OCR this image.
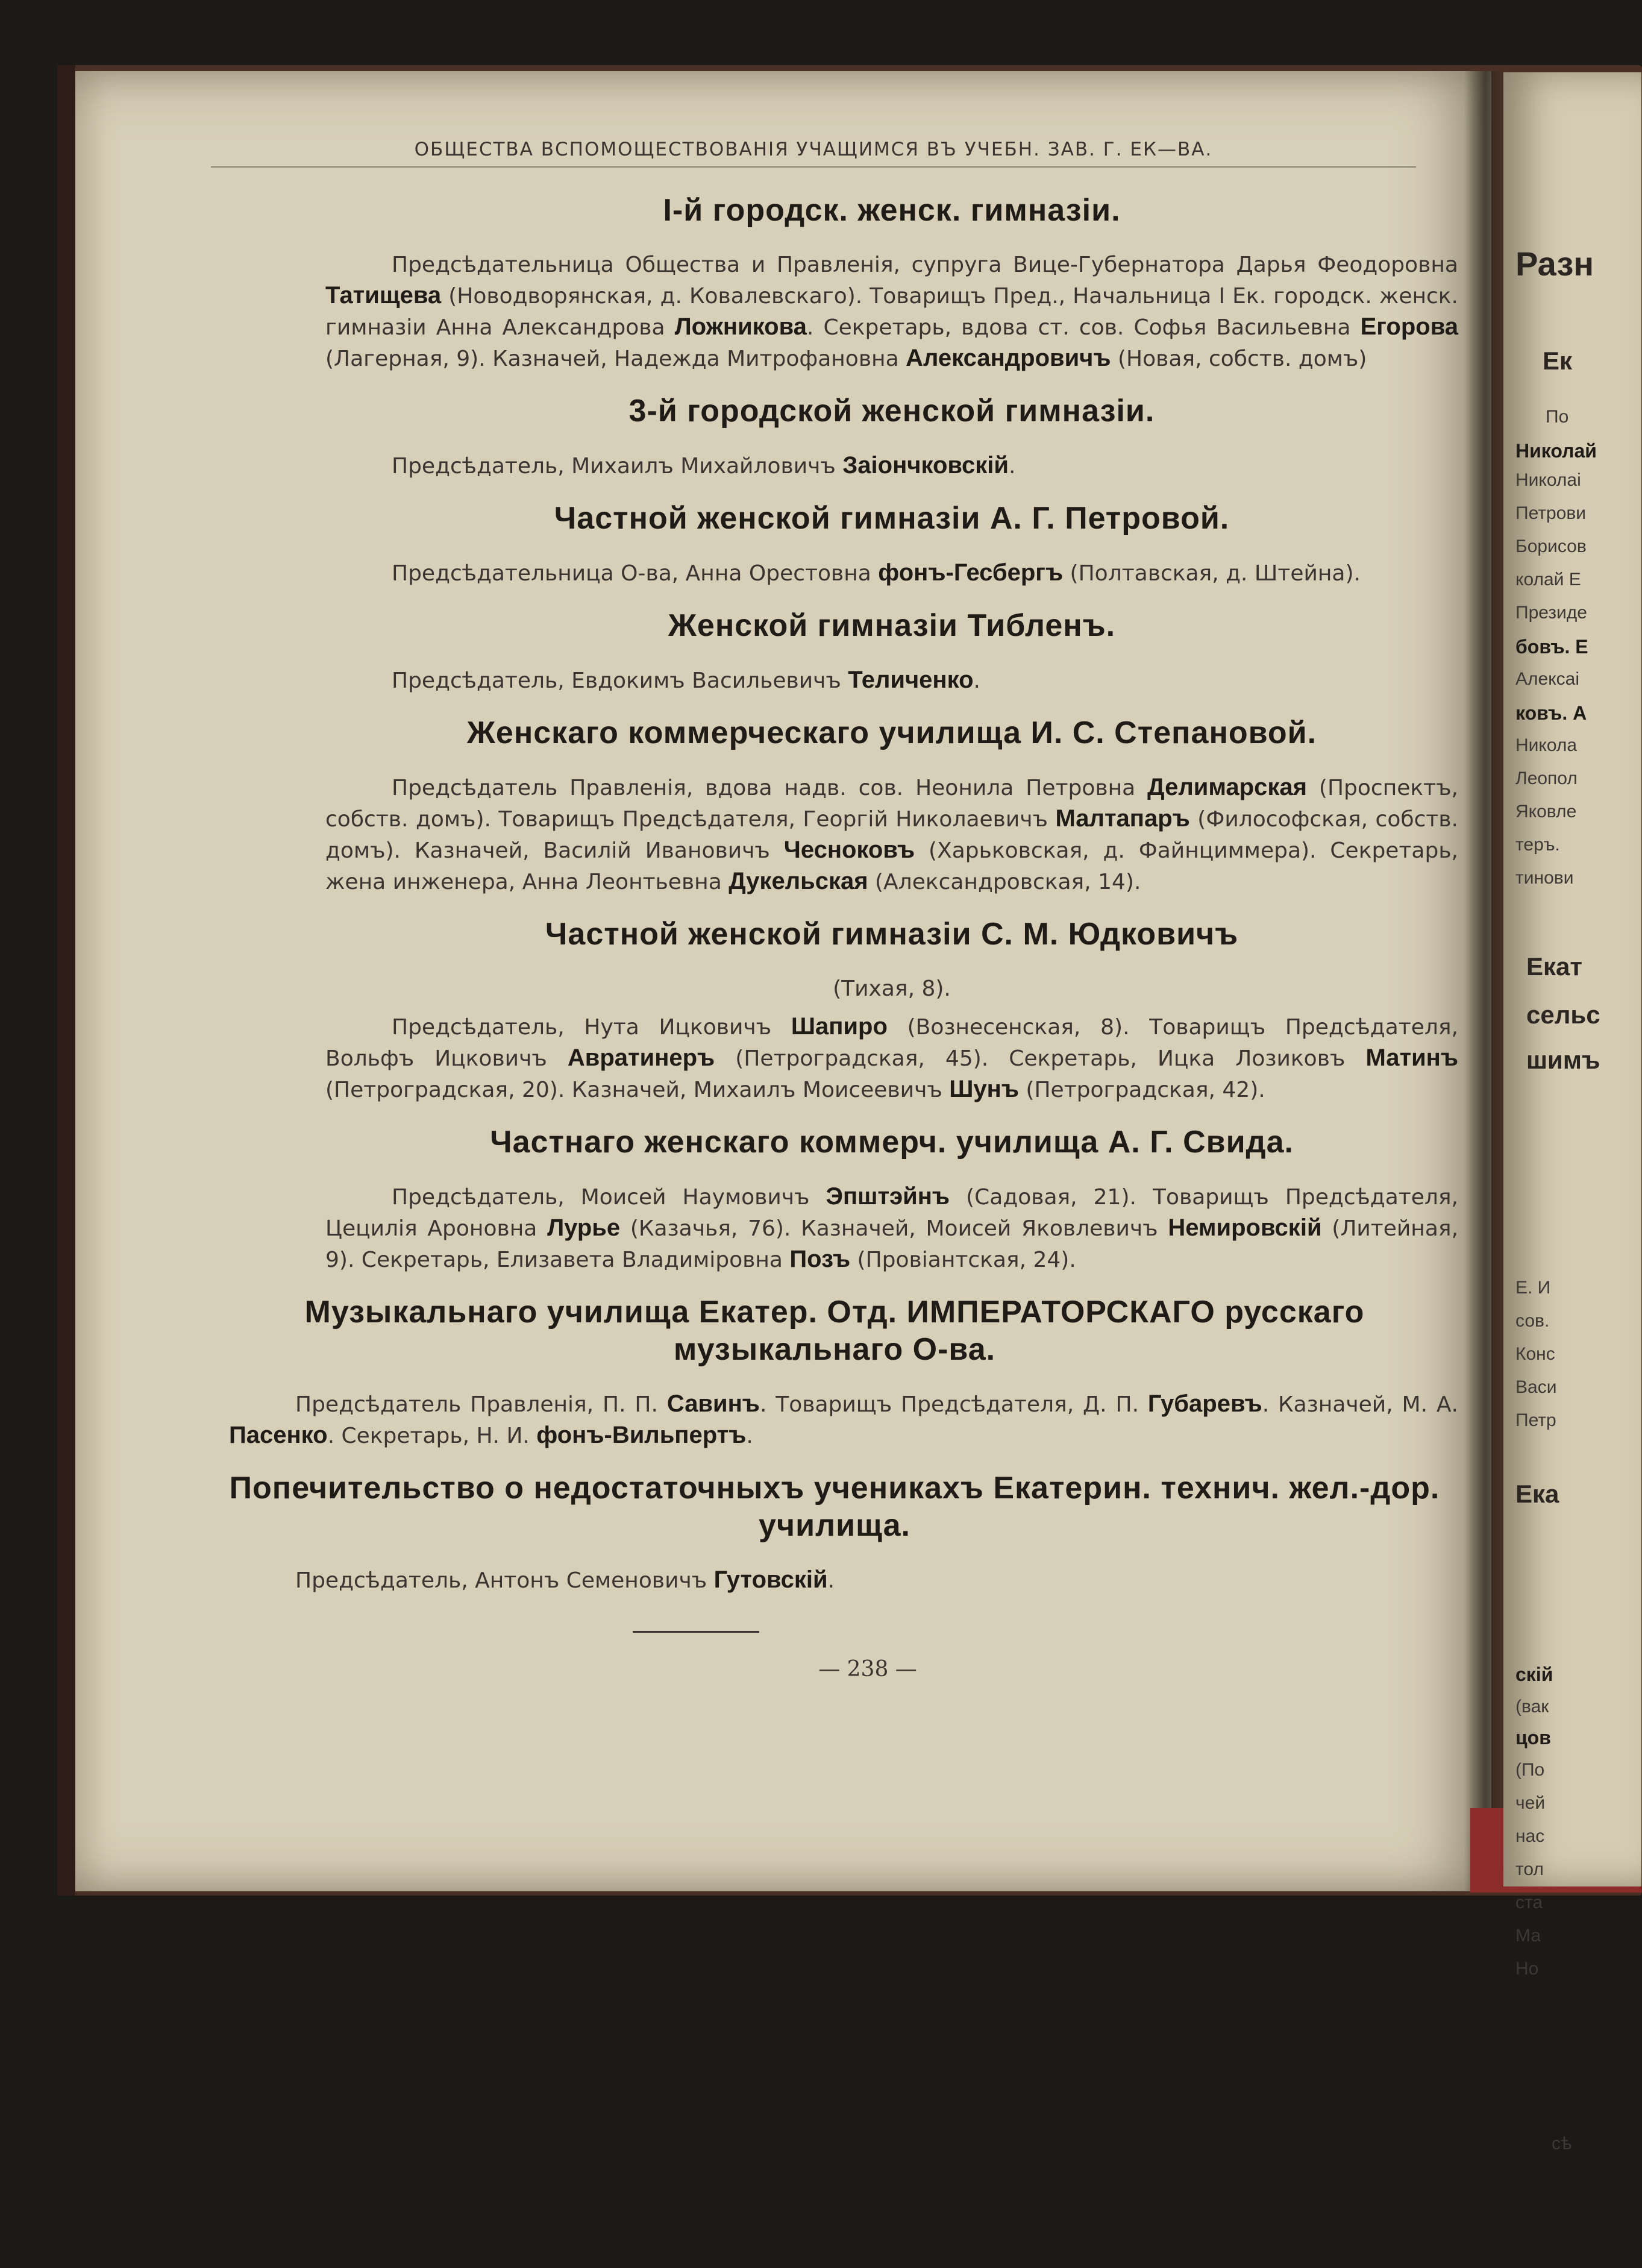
Разн
Ек
По
Николай
Николаі
Петрови
Борисов
колай Е
Президе
бовъ. Е
Алексаі
ковъ. А
Никола
Леопол
Яковле
теръ.
тинови
Екат
сельс
шимъ
Е. И
сов.
Конс
Васи
Петр
Ека
скій
(вак
цов
(По
чей
нас
тол
ста
Ма
Но
сѣ
ОБЩЕСТВА ВСПОМОЩЕСТВОВАНІЯ УЧАЩИМСЯ ВЪ УЧЕБН. ЗАВ. Г. ЕК—ВА.
І-й городск. женск. гимназіи.

Предсѣдательница Общества и Правленія, супруга Вице-Губернатора Дарья Феодоровна Татищева (Новодворянская, д. Ковалевскаго). Товарищъ Пред., Начальница І Ек. городск. женск. гимназіи Анна Александрова Ложникова. Секретарь, вдова ст. сов. Софья Васильевна Егорова (Лагерная, 9). Казначей, Надежда Митрофановна Александровичъ (Новая, собств. домъ)

3-й городской женской гимназіи.

Предсѣдатель, Михаилъ Михайловичъ Заіончковскій.

Частной женской гимназіи А. Г. Петровой.

Предсѣдательница О-ва, Анна Орестовна фонъ-Гесбергъ (Полтавская, д. Штейна).

Женской гимназіи Тибленъ.

Предсѣдатель, Евдокимъ Васильевичъ Теличенко.

Женскаго коммерческаго училища И. С. Степановой.

Предсѣдатель Правленія, вдова надв. сов. Неонила Петровна Делимарская (Проспектъ, собств. домъ). Товарищъ Предсѣдателя, Георгій Николаевичъ Малтапаръ (Философская, собств. домъ). Казначей, Василій Ивановичъ Чесноковъ (Харьковская, д. Файнциммера). Секретарь, жена инженера, Анна Леонтьевна Дукельская (Александровская, 14).

Частной женской гимназіи С. М. Юдковичъ

(Тихая, 8).

Предсѣдатель, Нута Ицковичъ Шапиро (Вознесенская, 8). Товарищъ Предсѣдателя, Вольфъ Ицковичъ Авратинеръ (Петроградская, 45). Секретарь, Ицка Лозиковъ Матинъ (Петроградская, 20). Казначей, Михаилъ Моисеевичъ Шунъ (Петроградская, 42).

Частнаго женскаго коммерч. училища А. Г. Свида.

Предсѣдатель, Моисей Наумовичъ Эпштэйнъ (Садовая, 21). Товарищъ Предсѣдателя, Цецилія Ароновна Лурье (Казачья, 76). Казначей, Моисей Яковлевичъ Немировскій (Литейная, 9). Секретарь, Елизавета Владиміровна Позъ (Провіантская, 24).

Музыкальнаго училища Екатер. Отд. ИМПЕРАТОРСКАГО русскаго музыкальнаго О-ва.

Предсѣдатель Правленія, П. П. Савинъ. Товарищъ Предсѣдателя, Д. П. Губаревъ. Казначей, М. А. Пасенко. Секретарь, Н. И. фонъ-Вильпертъ.

Попечительство о недостаточныхъ ученикахъ Екатерин. технич. жел.-дор. училища.

Предсѣдатель, Антонъ Семеновичъ Гутовскій.

— 238 —
